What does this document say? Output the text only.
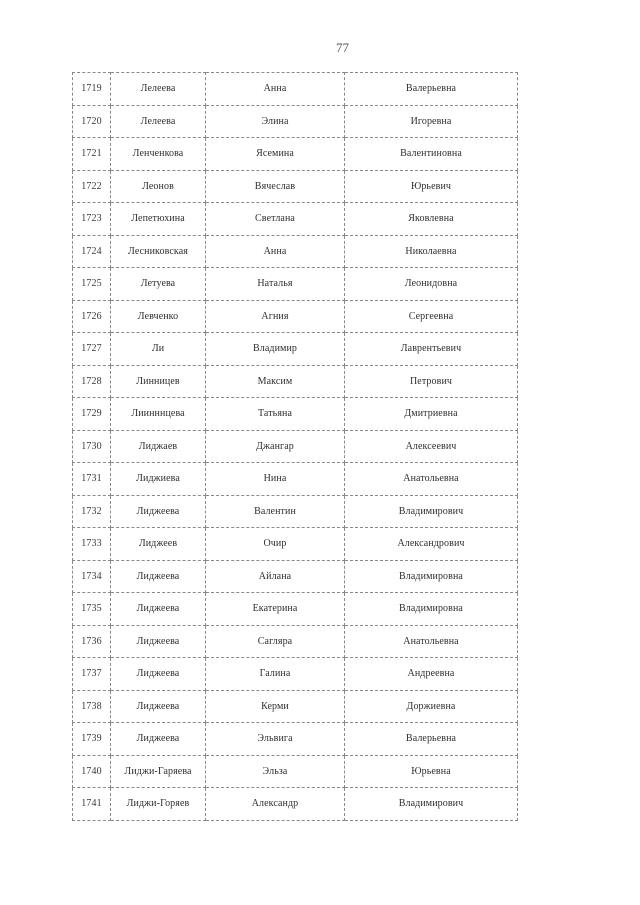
77
1719	Лелеева	Анна	Валерьевна
1720	Лелеева	Элина	Игоревна
1721	Ленченкова	Ясемина	Валентиновна
1722	Леонов	Вячеслав	Юрьевич
1723	Лепетюхина	Светлана	Яковлевна
1724	Лесниковская	Анна	Николаевна
1725	Летуева	Наталья	Леонидовна
1726	Левченко	Агния	Сергеевна
1727	Ли	Владимир	Лаврентьевич
1728	Линницев	Максим	Петрович
1729	Лиинннцева	Татьяна	Дмитриевна
1730	Лиджаев	Джангар	Алексеевич
1731	Лиджиева	Нина	Анатольевна
1732	Лиджеева	Валентин	Владимирович
1733	Лиджеев	Очир	Александрович
1734	Лиджеева	Айлана	Владимировна
1735	Лиджеева	Екатерина	Владимировна
1736	Лиджеева	Сагляра	Анатольевна
1737	Лиджеева	Галина	Андреевна
1738	Лиджеева	Керми	Доржиевна
1739	Лиджеева	Эльвига	Валерьевна
1740	Лиджи-Гаряева	Эльза	Юрьевна
1741	Лиджи-Горяев	Александр	Владимирович
